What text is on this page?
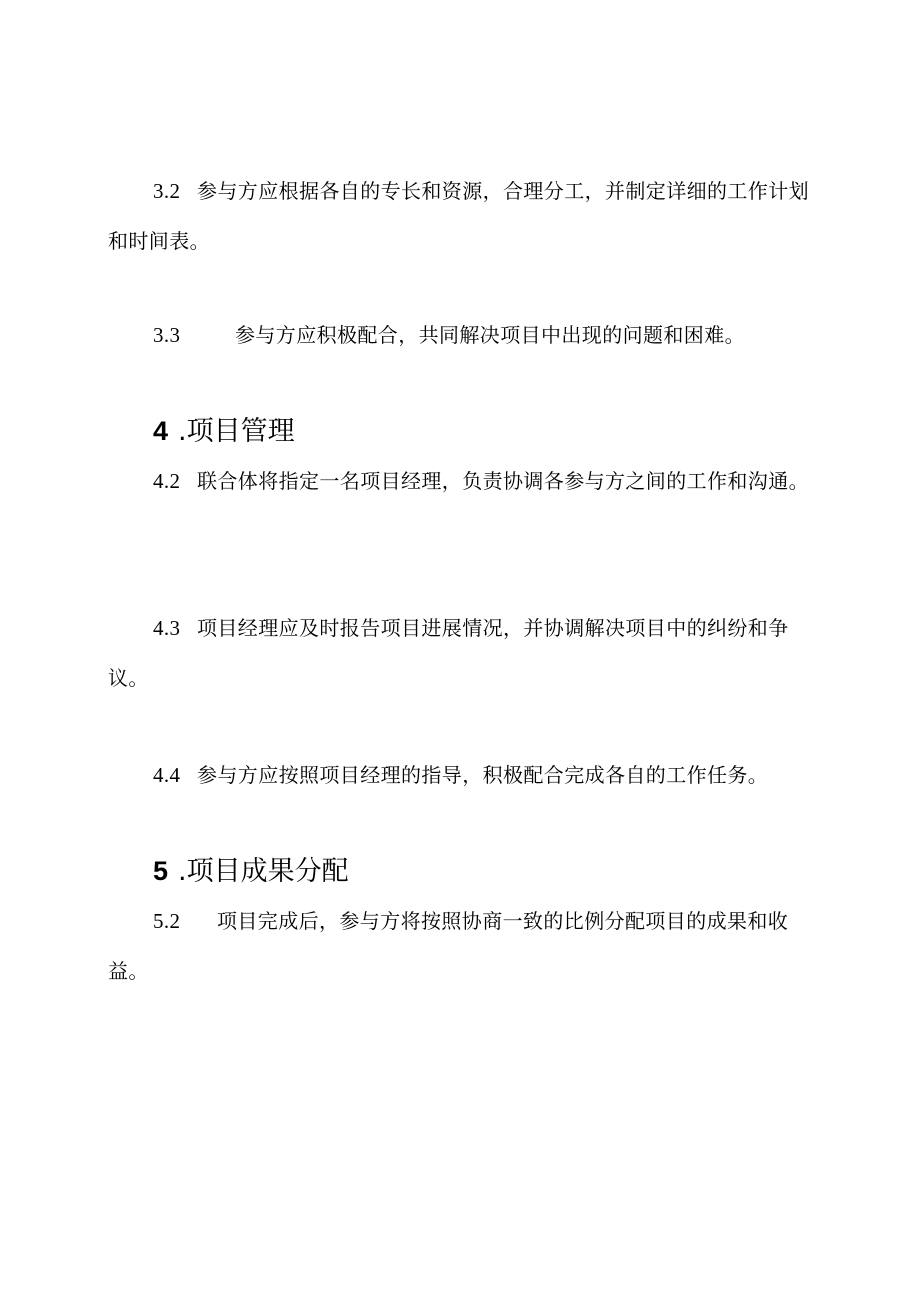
3.2 参与方应根据各自的专长和资源，合理分工，并制定详细的工作计划和时间表。

3.3	参与方应积极配合，共同解决项目中出现的问题和困难。

4 .项目管理

4.2 联合体将指定一名项目经理，负责协调各参与方之间的工作和沟通。

4.3 项目经理应及时报告项目进展情况，并协调解决项目中的纠纷和争议。

4.4 参与方应按照项目经理的指导，积极配合完成各自的工作任务。

5 .项目成果分配

5.2 项目完成后，参与方将按照协商一致的比例分配项目的成果和收益。
